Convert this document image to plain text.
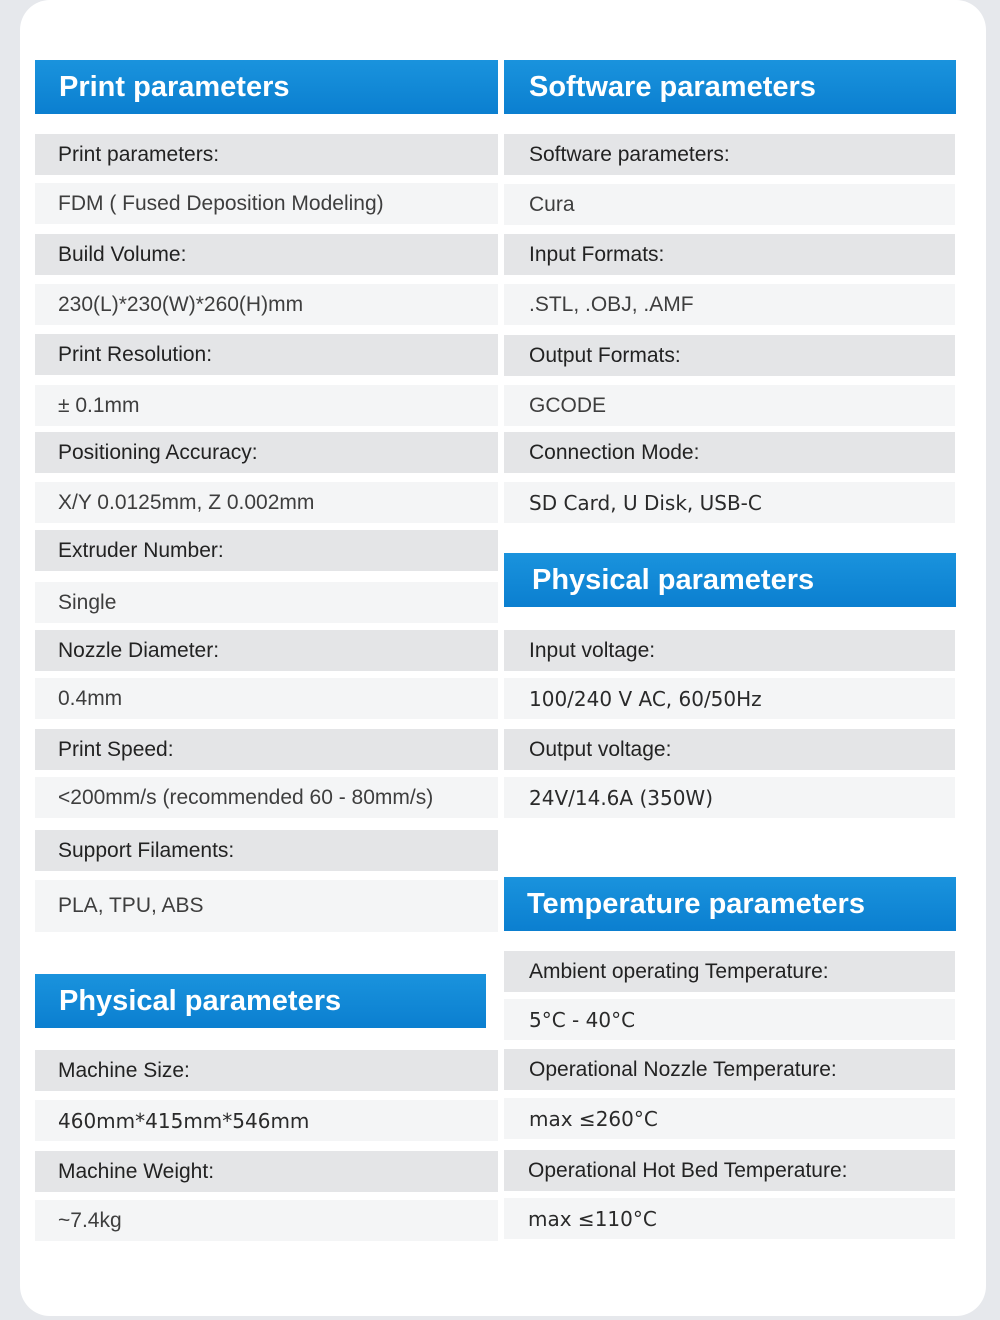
Print parameters
Print parameters:
FDM ( Fused Deposition Modeling)
Build Volume:
230(L)*230(W)*260(H)mm
Print Resolution:
± 0.1mm
Positioning Accuracy:
X/Y 0.0125mm, Z 0.002mm
Extruder Number:
Single
Nozzle Diameter:
0.4mm
Print Speed:
<200mm/s (recommended 60 - 80mm/s)
Support Filaments:
PLA, TPU, ABS
Physical parameters
Machine Size:
460mm*415mm*546mm
Machine Weight:
~7.4kg
Software parameters
Software parameters:
Cura
Input Formats:
.STL, .OBJ, .AMF
Output Formats:
GCODE
Connection Mode:
SD Card, U Disk, USB-C
Physical parameters
Input voltage:
100/240 V AC, 60/50Hz
Output voltage:
24V/14.6A (350W)
Temperature parameters
Ambient operating Temperature:
5°C - 40°C
Operational Nozzle Temperature:
max ≤260°C
Operational Hot Bed Temperature:
max ≤110°C
